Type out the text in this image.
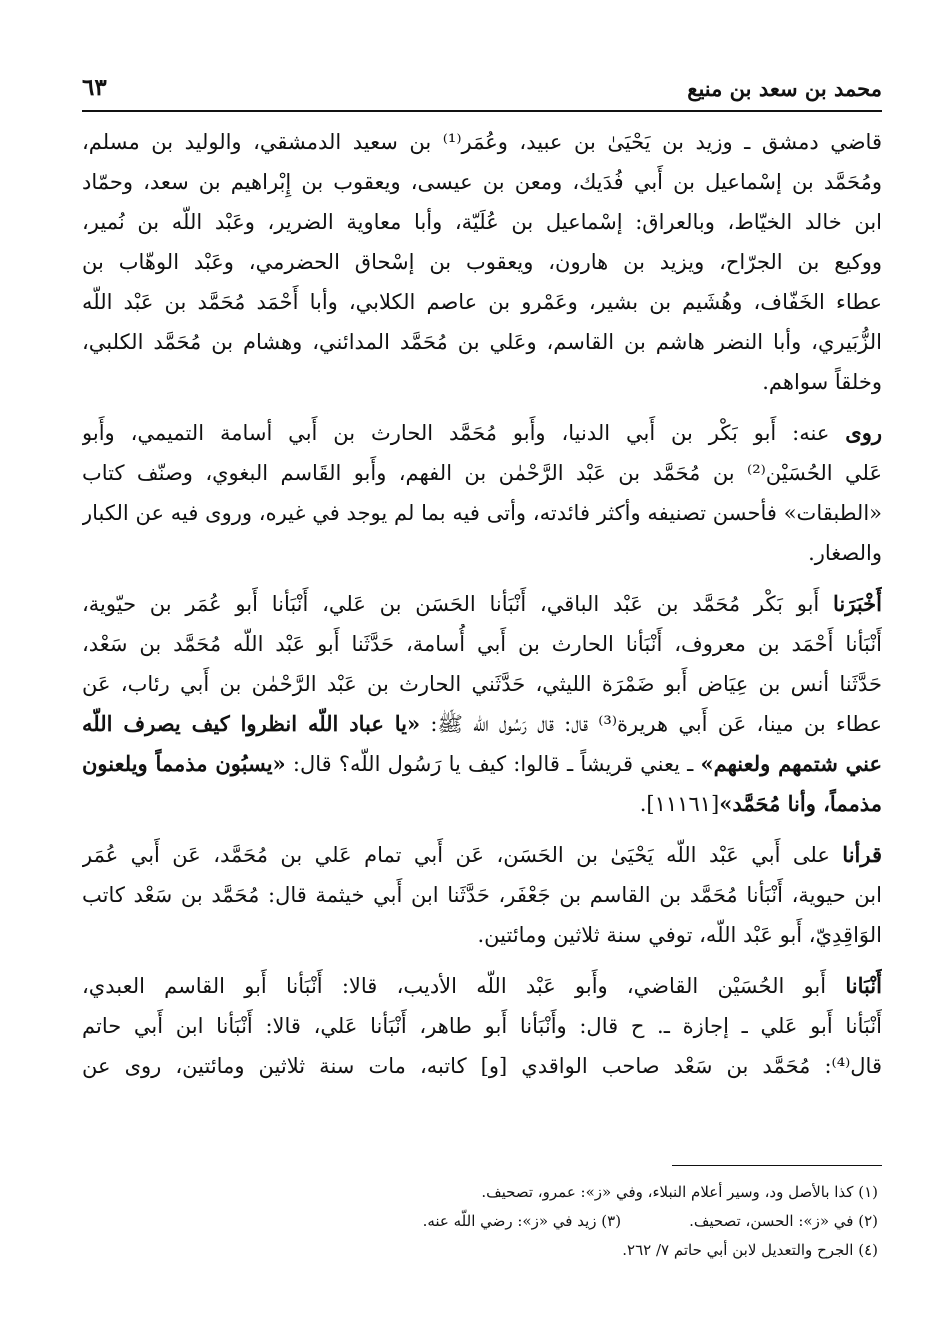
محمد بن سعد بن منيع
٦٣
قاضي دمشق ـ وزيد بن يَحْيَىٰ بن عبيد، وعُمَر⁽¹⁾ بن سعيد الدمشقي، والوليد بن مسلم،
ومُحَمَّد بن إسْماعيل بن أَبي فُدَيك، ومعن بن عيسى، ويعقوب بن إِبْراهيم بن سعد، وحمّاد
ابن خالد الخيّاط، وبالعراق: إسْماعيل بن عُلَيّة، وأبا معاوية الضرير، وعَبْد اللّه بن نُمير،
ووكيع بن الجرّاح، ويزيد بن هارون، ويعقوب بن إسْحاق الحضرمي، وعَبْد الوهّاب بن
عطاء الخَفّاف، وهُشَيم بن بشير، وعَمْرو بن عاصم الكلابي، وأبا أَحْمَد مُحَمَّد بن عَبْد اللّه
الزُّبَيري، وأبا النضر هاشم بن القاسم، وعَلي بن مُحَمَّد المدائني، وهشام بن مُحَمَّد الكلبي،
وخلقاً سواهم.
روى عنه: أَبو بَكْر بن أَبي الدنيا، وأَبو مُحَمَّد الحارث بن أَبي أسامة التميمي، وأَبو
عَلي الحُسَيْن⁽²⁾ بن مُحَمَّد بن عَبْد الرَّحْمٰن بن الفهم، وأَبو القَاسم البغوي، وصنّف كتاب
«الطبقات» فأحسن تصنيفه وأكثر فائدته، وأتى فيه بما لم يوجد في غيره، وروى فيه عن الكبار
والصغار.
أَخْبَرَنا أَبو بَكْر مُحَمَّد بن عَبْد الباقي، أَنْبَأنا الحَسَن بن عَلي، أَنْبَأنا أَبو عُمَر بن حيّوية،
أَنْبَأنا أَحْمَد بن معروف، أَنْبَأنا الحارث بن أَبي أُسامة، حَدَّثَنا أَبو عَبْد اللّه مُحَمَّد بن سَعْد،
حَدَّثَنا أنس بن عِيَاض أَبو ضَمْرَة الليثي، حَدَّثَني الحارث بن عَبْد الرَّحْمٰن بن أَبي رئاب، عَن
عطاء بن مينا، عَن أَبي هريرة⁽³⁾ قال: قال رَسُول اللّه ﷺ: «يا عباد اللّه انظروا كيف يصرف اللّه
عني شتمهم ولعنهم» ـ يعني قريشاً ـ قالوا: كيف يا رَسُول اللّه؟ قال: «يسبُون مذمماً ويلعنون
مذمماً، وأنا مُحَمَّد»[١١١٦١].
قرأنا على أَبي عَبْد اللّه يَحْيَىٰ بن الحَسَن، عَن أَبي تمام عَلي بن مُحَمَّد، عَن أَبي عُمَر
ابن حيوية، أَنْبَأنا مُحَمَّد بن القاسم بن جَعْفَر، حَدَّثَنا ابن أَبي خيثمة قال: مُحَمَّد بن سَعْد كاتب
الوَاقِدِيّ، أَبو عَبْد اللّه، توفي سنة ثلاثين ومائتين.
أَنْبَانا أَبو الحُسَيْن القاضي، وأَبو عَبْد اللّه الأديب، قالا: أَنْبَأنا أَبو القاسم العبدي،
أَنْبَأنا أَبو عَلي ـ إجازة ـ. ح قال: وأَنْبَأنا أَبو طاهر، أَنْبَأنا عَلي، قالا: أَنْبَأنا ابن أَبي حاتم
قال⁽⁴⁾: مُحَمَّد بن سَعْد صاحب الواقدي [و] كاتبه، مات سنة ثلاثين ومائتين، روى عن
(١) كذا بالأصل ود، وسير أعلام النبلاء، وفي «ز»: عمرو، تصحيف.
(٢) في «ز»: الحسن، تصحيف.(٣) زيد في «ز»: رضي اللّه عنه.
(٤) الجرح والتعديل لابن أبي حاتم ٧/ ٢٦٢.
